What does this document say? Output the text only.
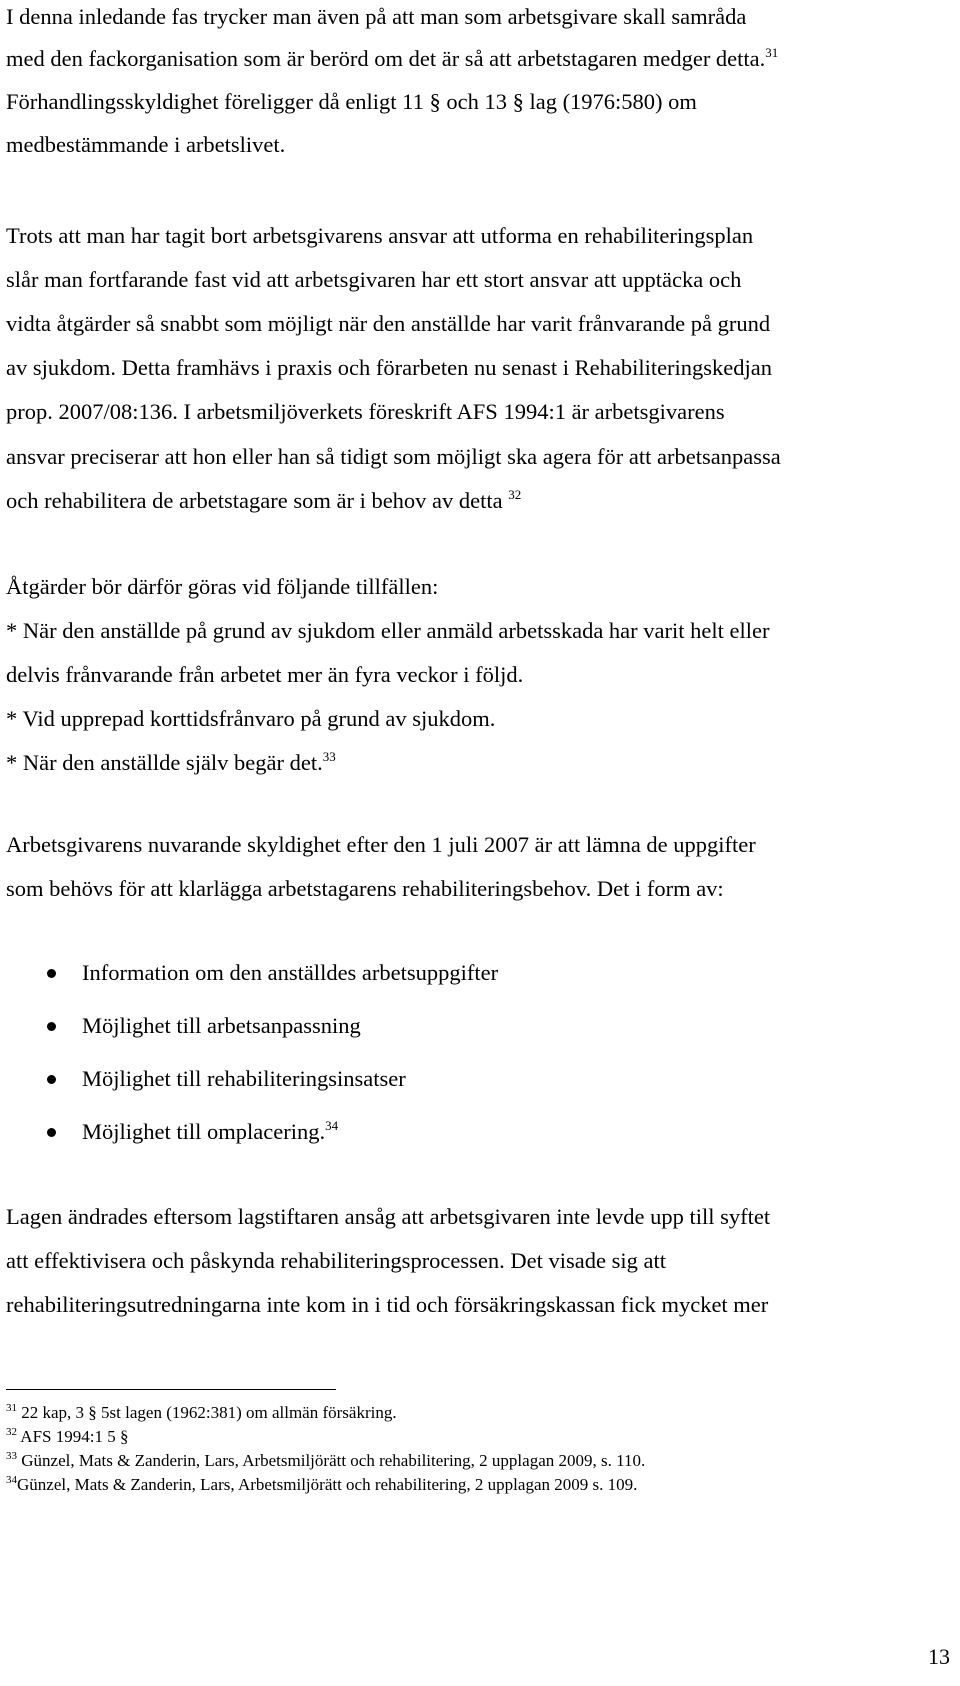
I denna inledande fas trycker man även på att man som arbetsgivare skall samråda
med den fackorganisation som är berörd om det är så att arbetstagaren medger detta.$^{31}$
Förhandlingsskyldighet föreligger då enligt 11 § och 13 § lag (1976:580) om
medbestämmande i arbetslivet.
Trots att man har tagit bort arbetsgivarens ansvar att utforma en rehabiliteringsplan
slår man fortfarande fast vid att arbetsgivaren har ett stort ansvar att upptäcka och
vidta åtgärder så snabbt som möjligt när den anställde har varit frånvarande på grund
av sjukdom. Detta framhävs i praxis och förarbeten nu senast i Rehabiliteringskedjan
prop. 2007/08:136. I arbetsmiljöverkets föreskrift AFS 1994:1 är arbetsgivarens
ansvar preciserar att hon eller han så tidigt som möjligt ska agera för att arbetsanpassa
och rehabilitera de arbetstagare som är i behov av detta $^{32}$
Åtgärder bör därför göras vid följande tillfällen:
* När den anställde på grund av sjukdom eller anmäld arbetsskada har varit helt eller
delvis frånvarande från arbetet mer än fyra veckor i följd.
* Vid upprepad korttidsfrånvaro på grund av sjukdom.
* När den anställde själv begär det.$^{33}$
Arbetsgivarens nuvarande skyldighet efter den 1 juli 2007 är att lämna de uppgifter
som behövs för att klarlägga arbetstagarens rehabiliteringsbehov. Det i form av:
Information om den anställdes arbetsuppgifter
Möjlighet till arbetsanpassning
Möjlighet till rehabiliteringsinsatser
Möjlighet till omplacering.$^{34}$
Lagen ändrades eftersom lagstiftaren ansåg att arbetsgivaren inte levde upp till syftet
att effektivisera och påskynda rehabiliteringsprocessen. Det visade sig att
rehabiliteringsutredningarna inte kom in i tid och försäkringskassan fick mycket mer
$^{31}$ 22 kap, 3 § 5st lagen (1962:381) om allmän försäkring.
$^{32}$ AFS 1994:1 5 §
$^{33}$ Günzel, Mats & Zanderin, Lars, Arbetsmiljörätt och rehabilitering, 2 upplagan 2009, s. 110.
$^{34}$Günzel, Mats & Zanderin, Lars, Arbetsmiljörätt och rehabilitering, 2 upplagan 2009 s. 109.
13
